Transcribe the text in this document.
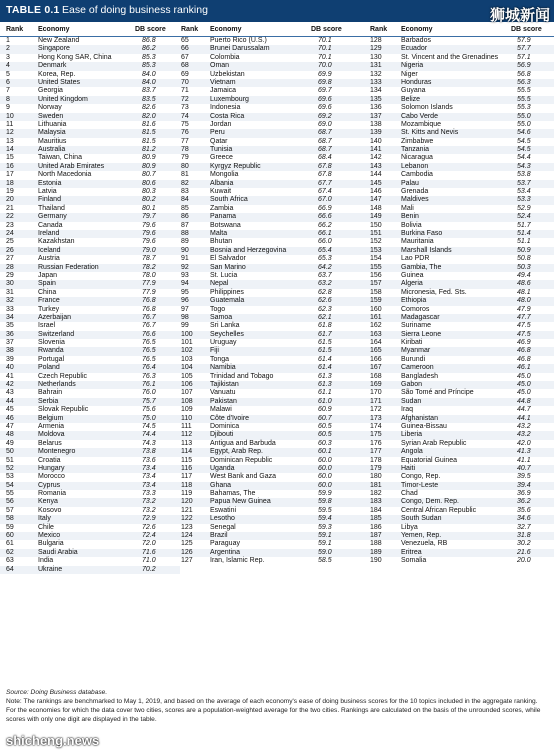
TABLE 0.1 Ease of doing business ranking	狮城新闻
Rank Economy	DB score
1	New Zealand	86.8
2	Singapore	86.2
3	Hong Kong SAR, China	85.3
4	Denmark	85.3
5	Korea, Rep.	84.0
6	United States	84.0
7	Georgia	83.7
8	United Kingdom	83.5
9	Norway	82.6
10	Sweden	82.0
11	Lithuania	81.6
12	Malaysia	81.5
13	Mauritius	81.5
14	Australia	81.2
15	Taiwan, China	80.9
16	United Arab Emirates	80.9
17	North Macedonia	80.7
18	Estonia	80.6
19	Latvia	80.3
20	Finland	80.2
21	Thailand	80.1
22	Germany	79.7
23	Canada	79.6
24	Ireland	79.6
25	Kazakhstan	79.6
26	Iceland	79.0
27	Austria	78.7
28	Russian Federation	78.2
29	Japan	78.0
30	Spain	77.9
31	China	77.9
32	France	76.8
33	Turkey	76.8
34	Azerbaijan	76.7
35	Israel	76.7
36	Switzerland	76.6
37	Slovenia	76.5
38	Rwanda	76.5
39	Portugal	76.5
40	Poland	76.4
41	Czech Republic	76.3
42	Netherlands	76.1
43	Bahrain	76.0
44	Serbia	75.7
45	Slovak Republic	75.6
46	Belgium	75.0
47	Armenia	74.5
48	Moldova	74.4
49	Belarus	74.3
50	Montenegro	73.8
51	Croatia	73.6
52	Hungary	73.4
53	Morocco	73.4
54	Cyprus	73.4
55	Romania	73.3
56	Kenya	73.2
57	Kosovo	73.2
58	Italy	72.9
59	Chile	72.6
60	Mexico	72.4
61	Bulgaria	72.0
62	Saudi Arabia	71.6
63	India	71.0
64	Ukraine	70.2
Rank Economy	DB score
65	Puerto Rico (U.S.)	70.1
66	Brunei Darussalam	70.1
67	Colombia	70.1
68	Oman	70.0
69	Uzbekistan	69.9
70	Vietnam	69.8
71	Jamaica	69.7
72	Luxembourg	69.6
73	Indonesia	69.6
74	Costa Rica	69.2
75	Jordan	69.0
76	Peru	68.7
77	Qatar	68.7
78	Tunisia	68.7
79	Greece	68.4
80	Kyrgyz Republic	67.8
81	Mongolia	67.8
82	Albania	67.7
83	Kuwait	67.4
84	South Africa	67.0
85	Zambia	66.9
86	Panama	66.6
87	Botswana	66.2
88	Malta	66.1
89	Bhutan	66.0
90	Bosnia and Herzegovina	65.4
91	El Salvador	65.3
92	San Marino	64.2
93	St. Lucia	63.7
94	Nepal	63.2
95	Philippines	62.8
96	Guatemala	62.6
97	Togo	62.3
98	Samoa	62.1
99	Sri Lanka	61.8
100 Seychelles	61.7
101 Uruguay	61.5
102 Fiji	61.5
103 Tonga	61.4
104 Namibia	61.4
105 Trinidad and Tobago	61.3
106 Tajikistan	61.3
107 Vanuatu	61.1
108 Pakistan	61.0
109 Malawi	60.9
110	Côte d'Ivoire	60.7
111	Dominica	60.5
112	Djibouti	60.5
113	Antigua and Barbuda	60.3
114	Egypt, Arab Rep.	60.1
115	Dominican Republic	60.0
116	Uganda	60.0
117	West Bank and Gaza	60.0
118	Ghana	60.0
119	Bahamas, The	59.9
120 Papua New Guinea	59.8
121 Eswatini	59.5
122 Lesotho	59.4
123 Senegal	59.3
124 Brazil	59.1
125 Paraguay	59.1
126 Argentina	59.0
127 Iran, Islamic Rep.	58.5
Rank Economy	DB score
128	Barbados	57.9
129	Ecuador	57.7
130	St. Vincent and the Grenadines	57.1
131	Nigeria	56.9
132	Niger	56.8
133	Honduras	56.3
134	Guyana	55.5
135	Belize	55.5
136	Solomon Islands	55.3
137	Cabo Verde	55.0
138	Mozambique	55.0
139	St. Kitts and Nevis	54.6
140	Zimbabwe	54.5
141	Tanzania	54.5
142	Nicaragua	54.4
143	Lebanon	54.3
144	Cambodia	53.8
145	Palau	53.7
146	Grenada	53.4
147	Maldives	53.3
148	Mali	52.9
149	Benin	52.4
150	Bolivia	51.7
151	Burkina Faso	51.4
152	Mauritania	51.1
153	Marshall Islands	50.9
154	Lao PDR	50.8
155	Gambia, The	50.3
156	Guinea	49.4
157	Algeria	48.6
158	Micronesia, Fed. Sts.	48.1
159	Ethiopia	48.0
160	Comoros	47.9
161	Madagascar	47.7
162	Suriname	47.5
163	Sierra Leone	47.5
164	Kiribati	46.9
165	Myanmar	46.8
166	Burundi	46.8
167	Cameroon	46.1
168	Bangladesh	45.0
169	Gabon	45.0
170	São Tomé and Príncipe	45.0
171	Sudan	44.8
172	Iraq	44.7
173	Afghanistan	44.1
174	Guinea-Bissau	43.2
175	Liberia	43.2
176	Syrian Arab Republic	42.0
177	Angola	41.3
178	Equatorial Guinea	41.1
179	Haiti	40.7
180	Congo, Rep.	39.5
181	Timor-Leste	39.4
182	Chad	36.9
183	Congo, Dem. Rep.	36.2
184	Central African Republic	35.6
185	South Sudan	34.6
186	Libya	32.7
187	Yemen, Rep.	31.8
188	Venezuela, RB	30.2
189	Eritrea	21.6
190	Somalia	20.0
Source: Doing Business database.
Note: The rankings are benchmarked to May 1, 2019, and based on the average of each economy's ease of doing business scores for the 10 topics included in the aggregate ranking. For the economies for which the data cover two cities, scores are a population-weighted average for the two cities. Rankings are calculated on the basis of the unrounded scores, while scores with only one digit are displayed in the table.
shicheng.news
